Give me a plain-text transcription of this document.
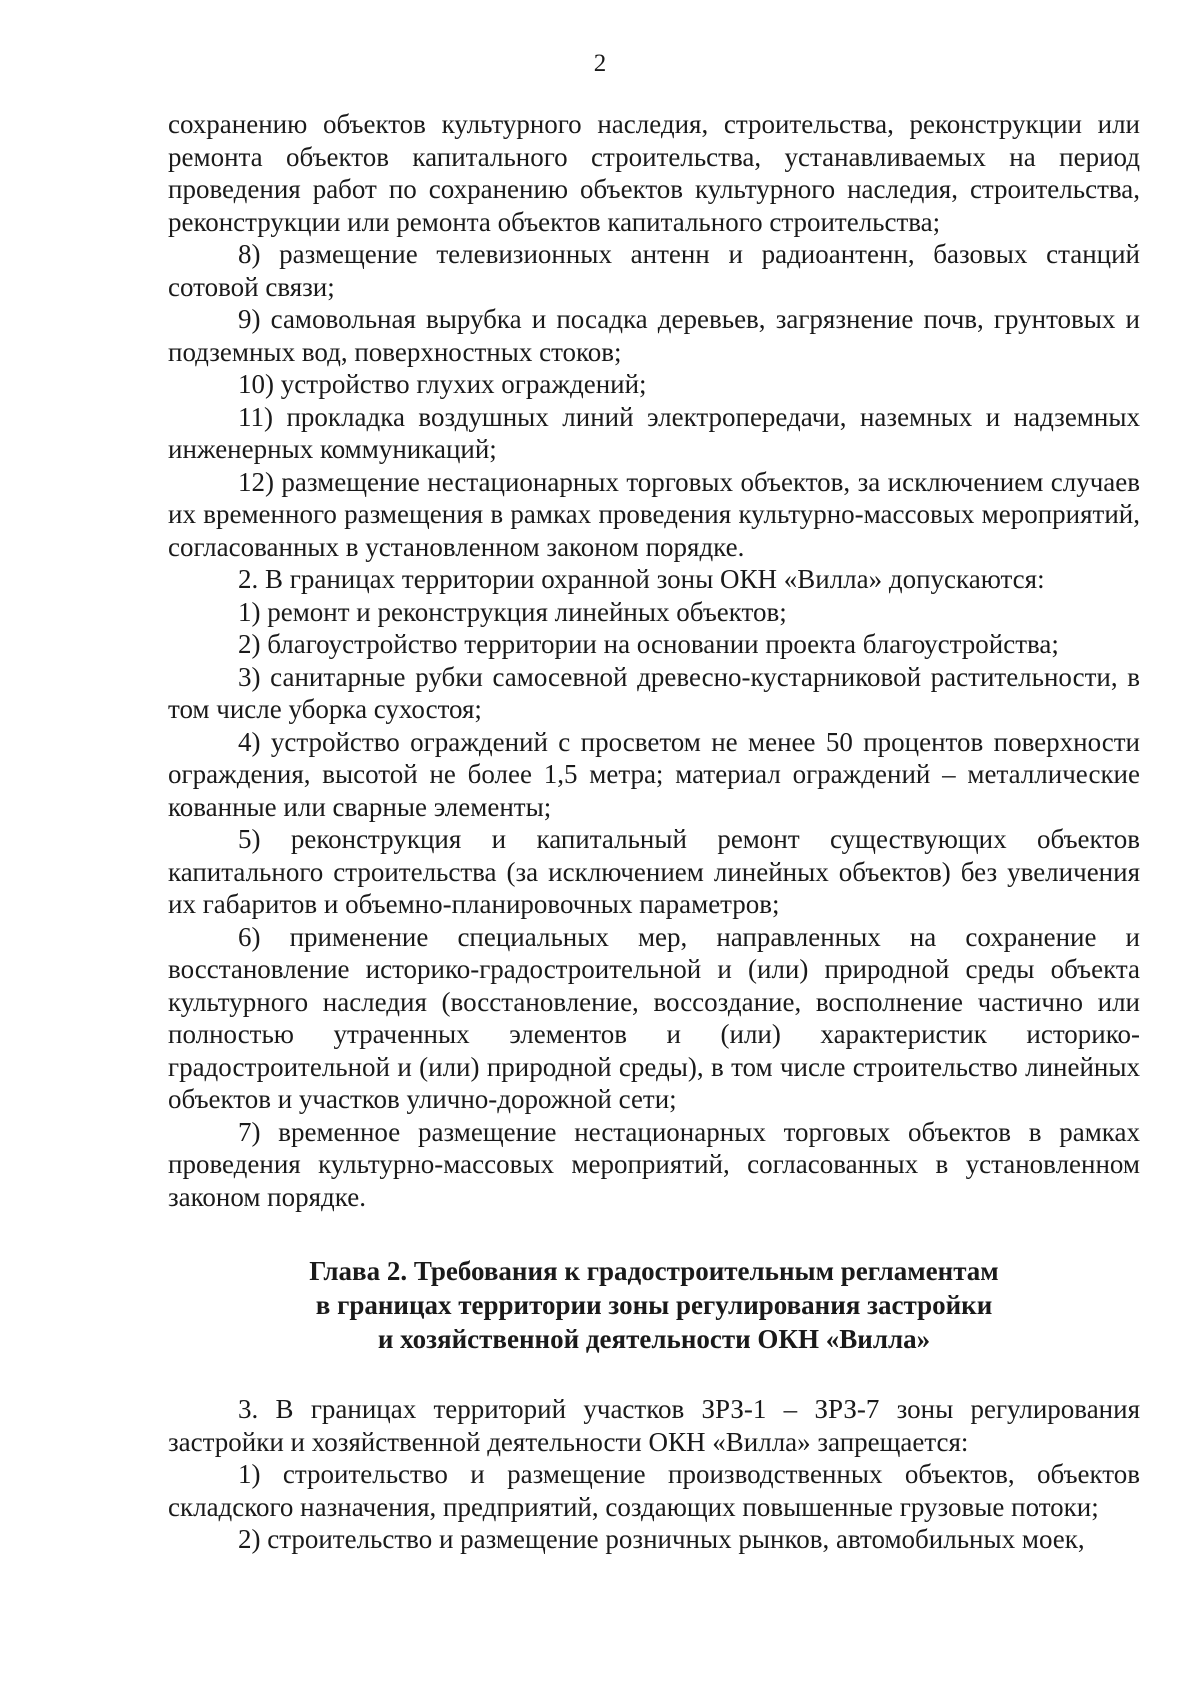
2

сохранению объектов культурного наследия, строительства, реконструкции или ремонта объектов капитального строительства, устанавливаемых на период проведения работ по сохранению объектов культурного наследия, строительства, реконструкции или ремонта объектов капитального строительства;

8) размещение телевизионных антенн и радиоантенн, базовых станций сотовой связи;

9) самовольная вырубка и посадка деревьев, загрязнение почв, грунтовых и подземных вод, поверхностных стоков;

10) устройство глухих ограждений;

11) прокладка воздушных линий электропередачи, наземных и надземных инженерных коммуникаций;

12) размещение нестационарных торговых объектов, за исключением случаев их временного размещения в рамках проведения культурно-массовых мероприятий, согласованных в установленном законом порядке.

2. В границах территории охранной зоны ОКН «Вилла» допускаются:

1) ремонт и реконструкция линейных объектов;

2) благоустройство территории на основании проекта благоустройства;

3) санитарные рубки самосевной древесно-кустарниковой растительности, в том числе уборка сухостоя;

4) устройство ограждений с просветом не менее 50 процентов поверхности ограждения, высотой не более 1,5 метра; материал ограждений – металлические кованные или сварные элементы;

5) реконструкция и капитальный ремонт существующих объектов капитального строительства (за исключением линейных объектов) без увеличения их габаритов и объемно-планировочных параметров;

6) применение специальных мер, направленных на сохранение и восстановление историко-градостроительной и (или) природной среды объекта культурного наследия (восстановление, воссоздание, восполнение частично или полностью утраченных элементов и (или) характеристик историко-градостроительной и (или) природной среды), в том числе строительство линейных объектов и участков улично-дорожной сети;

7) временное размещение нестационарных торговых объектов в рамках проведения культурно-массовых мероприятий, согласованных в установленном законом порядке.

Глава 2. Требования к градостроительным регламентам
в границах территории зоны регулирования застройки
и хозяйственной деятельности ОКН «Вилла»

3. В границах территорий участков ЗРЗ-1 – ЗРЗ-7 зоны регулирования застройки и хозяйственной деятельности ОКН «Вилла» запрещается:

1) строительство и размещение производственных объектов, объектов складского назначения, предприятий, создающих повышенные грузовые потоки;

2) строительство и размещение розничных рынков, автомобильных моек,
